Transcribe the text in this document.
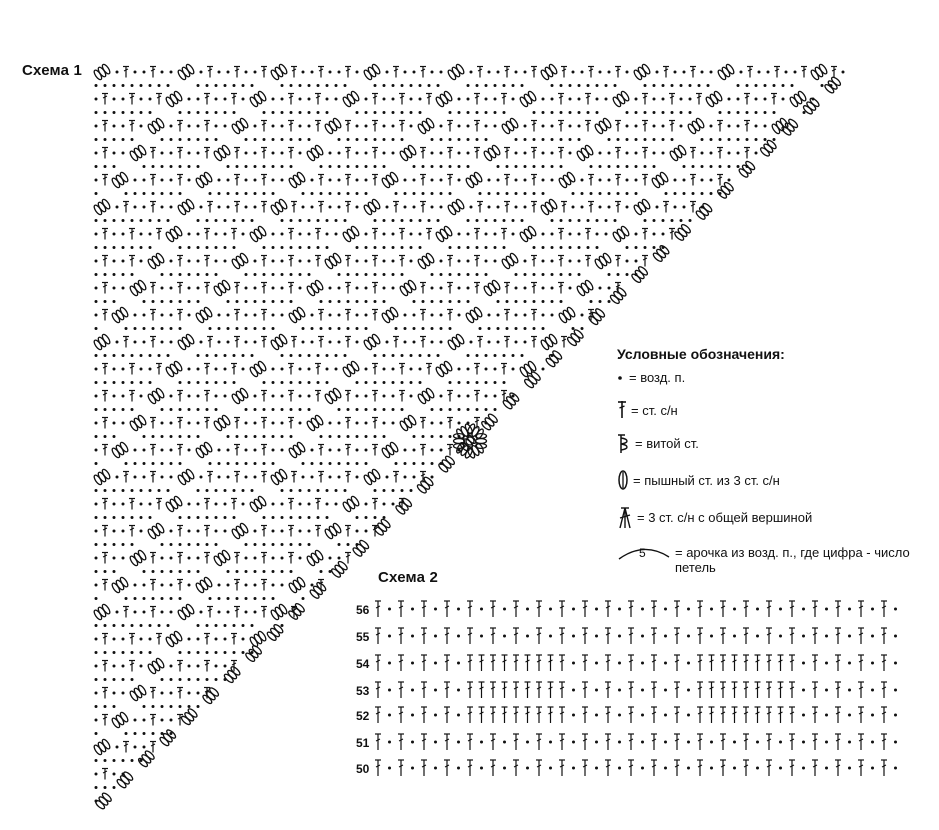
Схема 1
Схема 2
56
55
54
53
52
51
50
Условные обозначения:
= возд. п.
= ст. с/н
= витой ст.
= пышный ст. из 3 ст. с/н
= 3 ст. с/н с общей вершиной
5 = арочка из возд. п., где цифра - число петель
